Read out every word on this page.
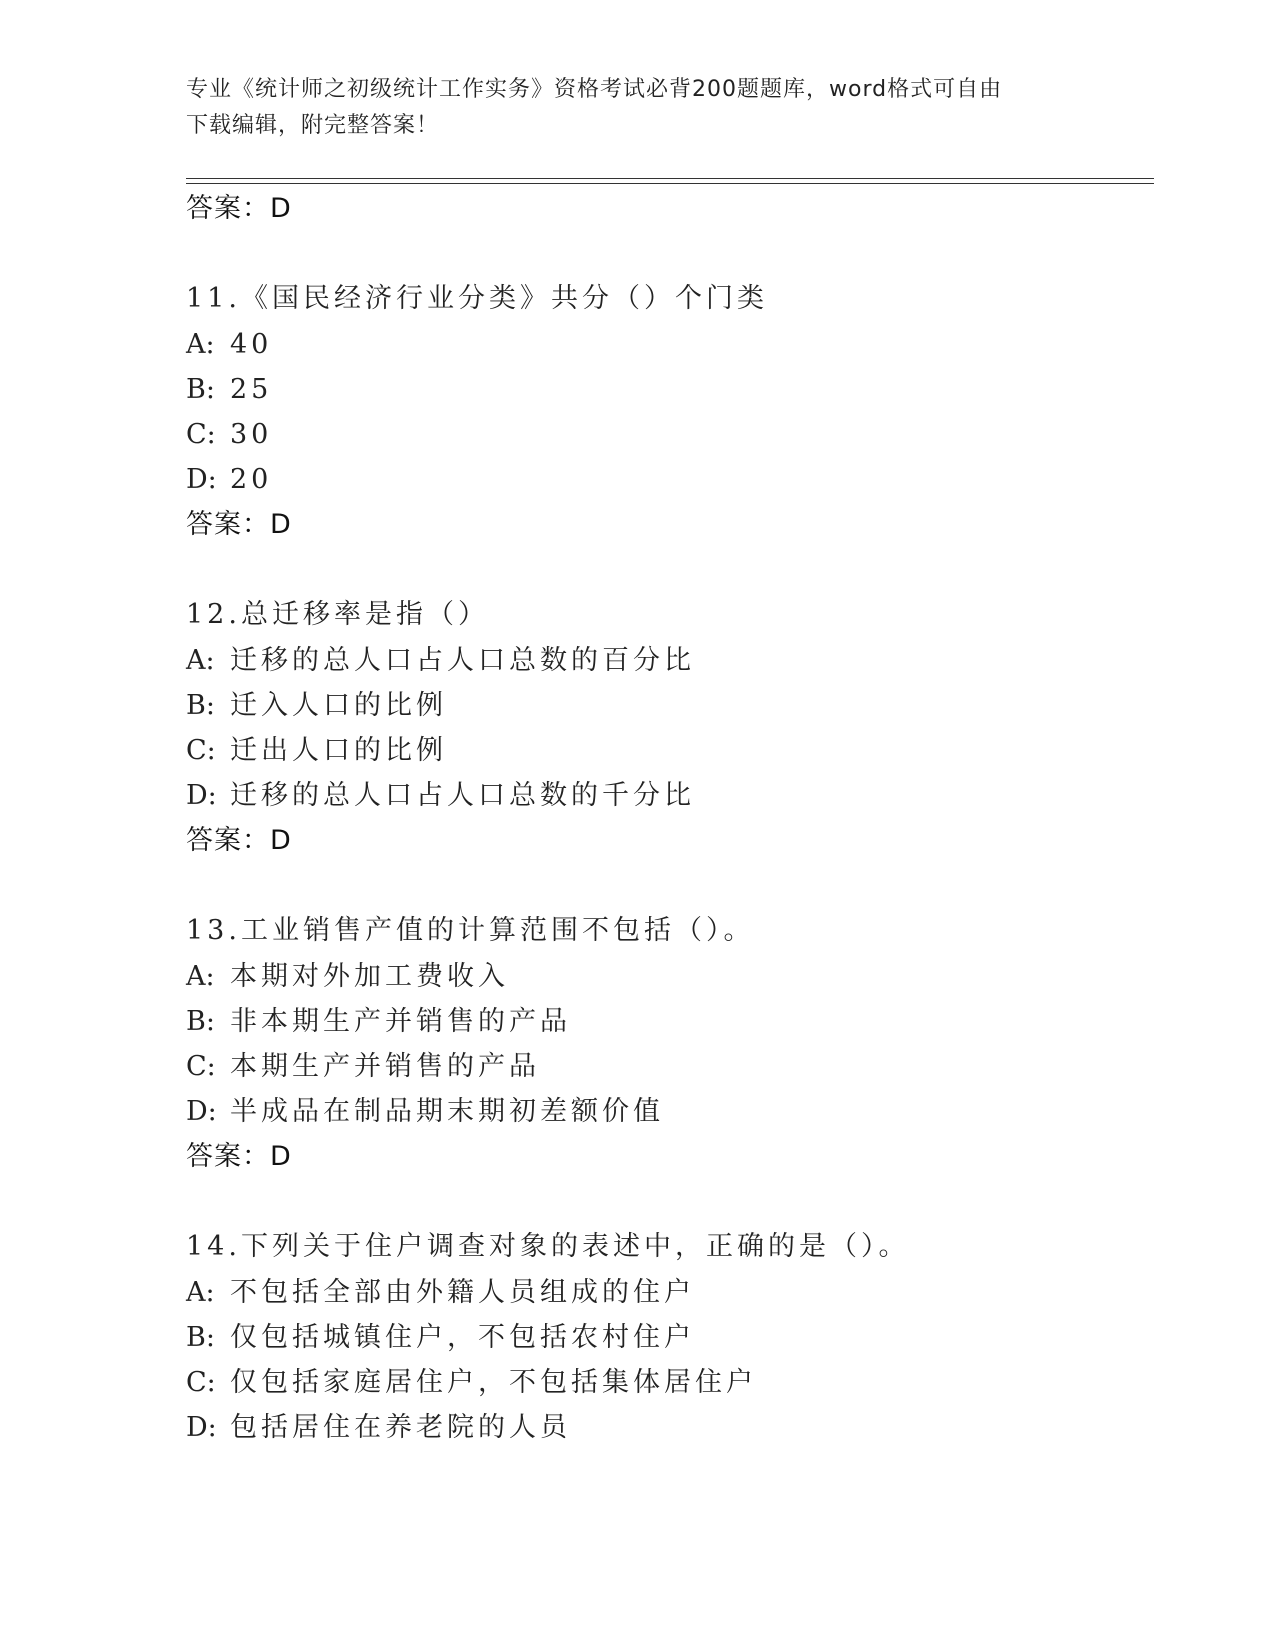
专业《统计师之初级统计工作实务》资格考试必背200题题库，word格式可自由
下载编辑，附完整答案！
答案：D
11.《国民经济行业分类》共分（）个门类
A: 40
B: 25
C: 30
D: 20
答案：D
12.总迁移率是指（）
A: 迁移的总人口占人口总数的百分比
B: 迁入人口的比例
C: 迁出人口的比例
D: 迁移的总人口占人口总数的千分比
答案：D
13.工业销售产值的计算范围不包括（）。
A: 本期对外加工费收入
B: 非本期生产并销售的产品
C: 本期生产并销售的产品
D: 半成品在制品期末期初差额价值
答案：D
14.下列关于住户调查对象的表述中，正确的是（）。
A: 不包括全部由外籍人员组成的住户
B: 仅包括城镇住户，不包括农村住户
C: 仅包括家庭居住户，不包括集体居住户
D: 包括居住在养老院的人员
